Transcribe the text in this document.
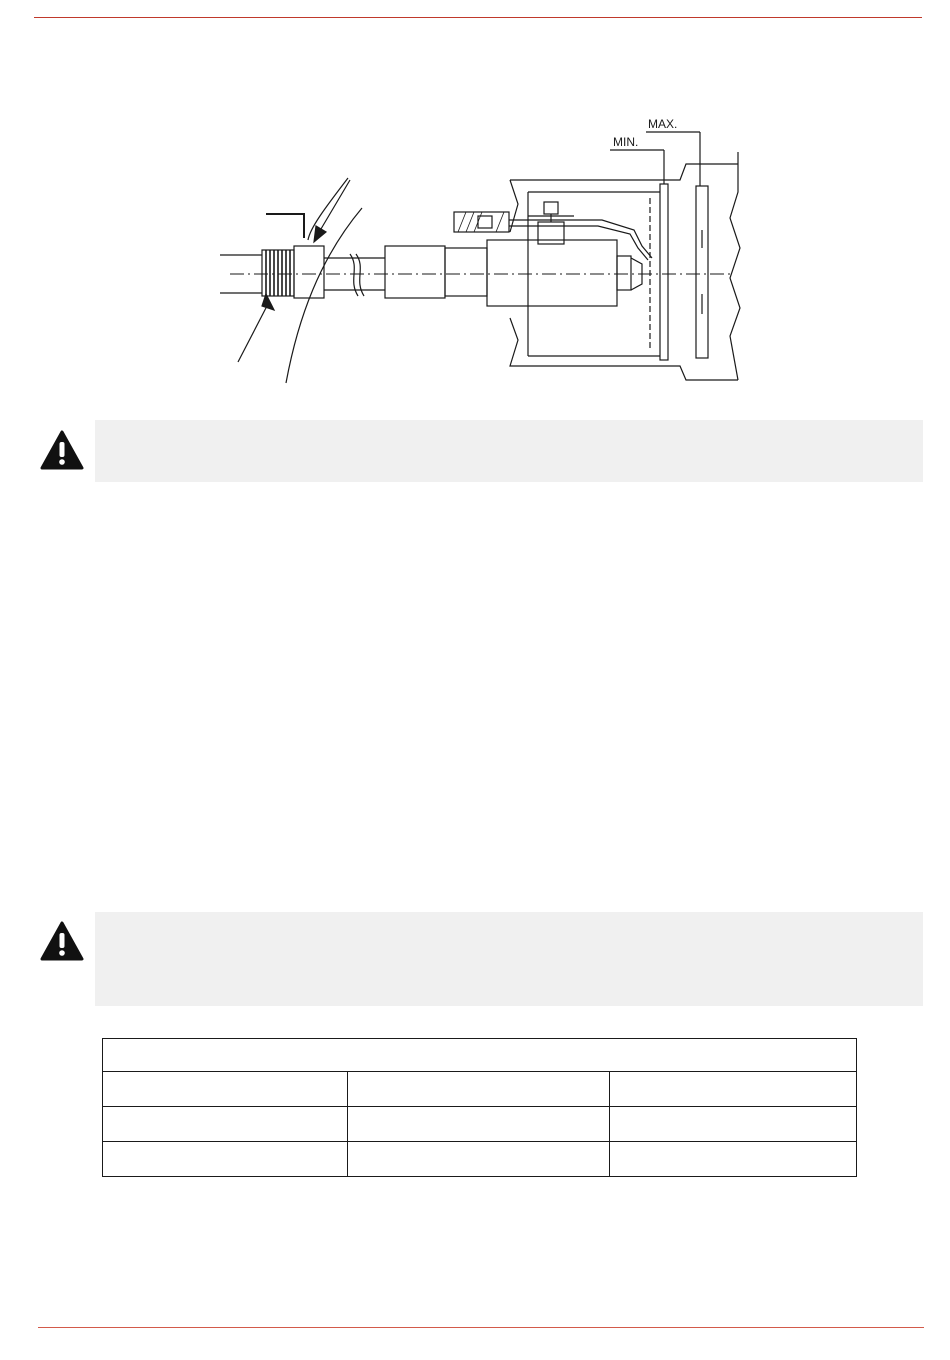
MIN.
MAX.
